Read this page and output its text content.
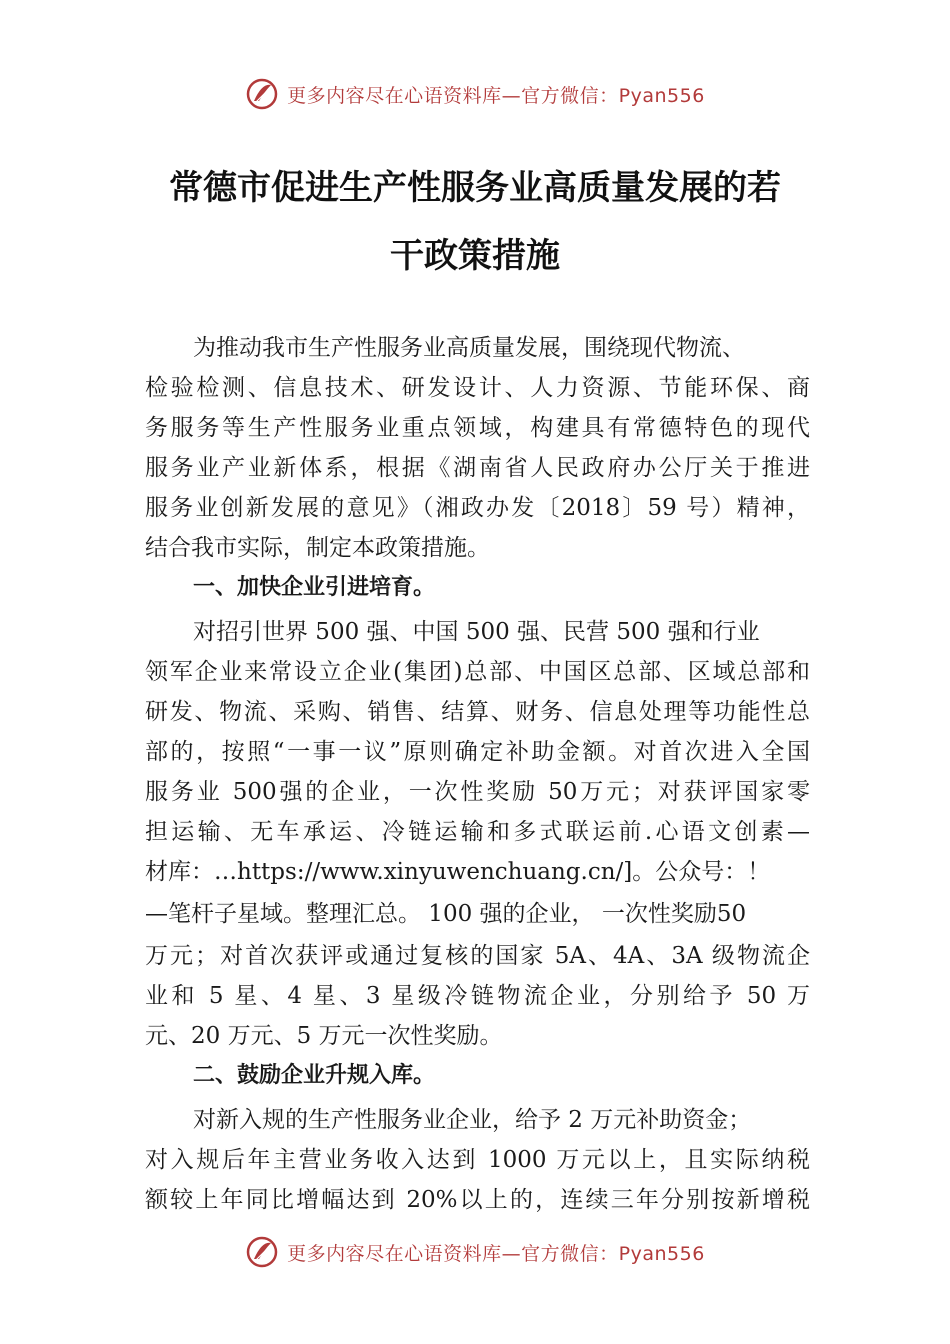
更多内容尽在心语资料库—官方微信：Pyan556
常德市促进生产性服务业高质量发展的若
干政策措施
为推动我市生产性服务业高质量发展，围绕现代物流、
检验检测、信息技术、研发设计、人力资源、节能环保、商
务服务等生产性服务业重点领域，构建具有常德特色的现代
服务业产业新体系，根据《湖南省人民政府办公厅关于推进
服务业创新发展的意见》（湘政办发〔2018〕59 号）精神，
结合我市实际，制定本政策措施。
一、加快企业引进培育。
对招引世界 500 强、中国 500 强、民营 500 强和行业
领军企业来常设立企业(集团)总部、中国区总部、区域总部和
研发、物流、采购、销售、结算、财务、信息处理等功能性总
部的，按照“一事一议”原则确定补助金额。对首次进入全国
服务业 500强的企业，一次性奖励 50万元；对获评国家零
担运输、无车承运、冷链运输和多式联运前.心语文创素—
材库：…https://www.xinyuwenchuang.cn/]。公众号：！
—笔杆子星域。整理汇总。 100 强的企业， 一次性奖励50
万元；对首次获评或通过复核的国家 5A、4A、3A 级物流企
业和 5 星、4 星、3 星级冷链物流企业，分别给予 50 万
元、20 万元、5 万元一次性奖励。
二、鼓励企业升规入库。
对新入规的生产性服务业企业，给予 2 万元补助资金；
对入规后年主营业务收入达到 1000 万元以上，且实际纳税
额较上年同比增幅达到 20%以上的，连续三年分别按新增税
更多内容尽在心语资料库—官方微信：Pyan556
